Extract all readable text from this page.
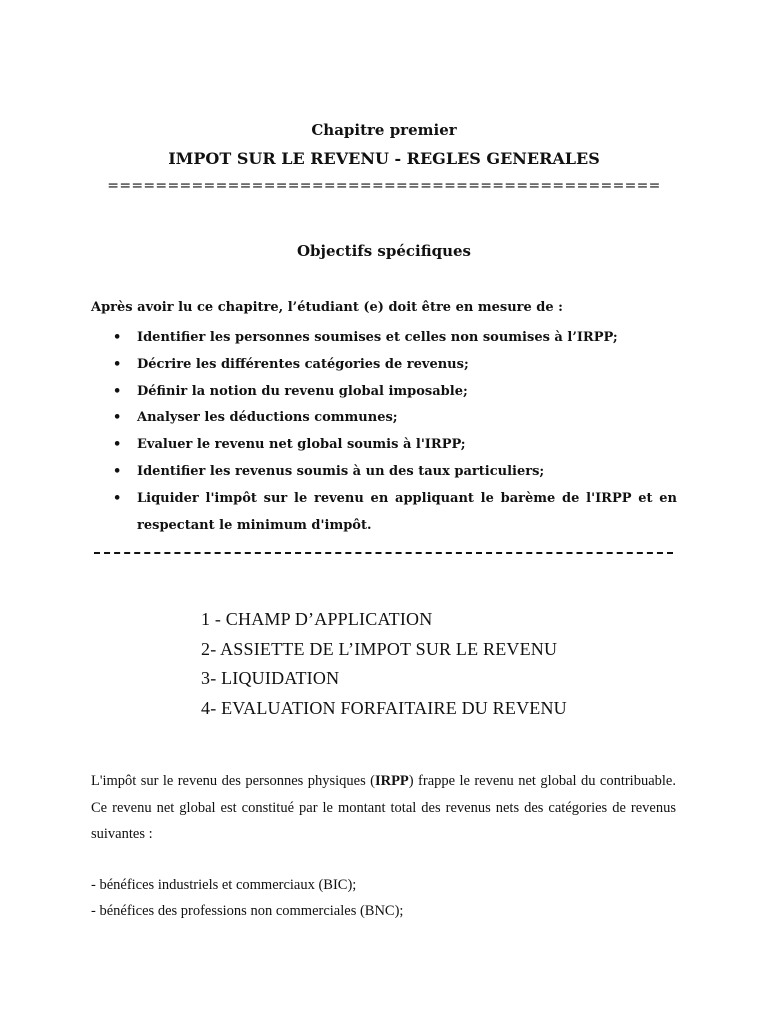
Chapitre premier
IMPOT SUR LE REVENU - REGLES GENERALES
==============================================
Objectifs spécifiques
Après avoir lu ce chapitre, l’étudiant (e) doit être en mesure de :
• Identifier les personnes soumises et celles non soumises à l’IRPP;
• Décrire les différentes catégories de revenus;
• Définir la notion du revenu global imposable;
• Analyser les déductions communes;
• Evaluer le revenu net global soumis à l'IRPP;
• Identifier les revenus soumis à un des taux particuliers;
• Liquider l'impôt sur le revenu en appliquant le barème de l'IRPP et en respectant le minimum d'impôt.
1 - CHAMP D’APPLICATION
2- ASSIETTE DE L’IMPOT SUR LE REVENU
3- LIQUIDATION
4- EVALUATION FORFAITAIRE DU REVENU

L'impôt sur le revenu des personnes physiques (IRPP) frappe le revenu net global du contribuable. Ce revenu net global est constitué par le montant total des revenus nets des catégories de revenus suivantes :

- bénéfices industriels et commerciaux (BIC);
- bénéfices des professions non commerciales (BNC);
